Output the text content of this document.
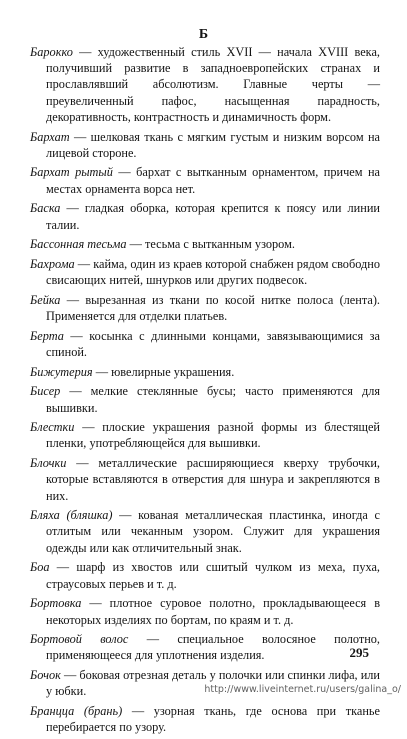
Б
Барокко — художественный стиль XVII — начала XVIII века, получивший развитие в западноевропейских странах и прославлявший абсолютизм. Главные черты — преувеличенный пафос, насыщенная парадность, декоративность, контрастность и динамичность форм.
Бархат — шелковая ткань с мягким густым и низким ворсом на лицевой стороне.
Бархат рытый — бархат с вытканным орнаментом, причем на местах орнамента ворса нет.
Баска — гладкая оборка, которая крепится к поясу или линии талии.
Бассонная тесьма — тесьма с вытканным узором.
Бахрома — кайма, один из краев которой снабжен рядом свободно свисающих нитей, шнурков или других подвесок.
Бейка — вырезанная из ткани по косой нитке полоса (лента). Применяется для отделки платьев.
Берта — косынка с длинными концами, завязывающимися за спиной.
Бижутерия — ювелирные украшения.
Бисер — мелкие стеклянные бусы; часто применяются для вышивки.
Блестки — плоские украшения разной формы из блестящей пленки, употребляющейся для вышивки.
Блочки — металлические расширяющиеся кверху трубочки, которые вставляются в отверстия для шнура и закрепляются в них.
Бляха (бляшка) — кованая металлическая пластинка, иногда с отлитым или чеканным узором. Служит для украшения одежды или как отличительный знак.
Боа — шарф из хвостов или сшитый чулком из меха, пуха, страусовых перьев и т. д.
Бортовка — плотное суровое полотно, прокладывающееся в некоторых изделиях по бортам, по краям и т. д.
Бортовой волос — специальное волосяное полотно, применяющееся для уплотнения изделия.
Бочок — боковая отрезная деталь у полочки или спинки лифа, или у юбки.
Бранцца (брань) — узорная ткань, где основа при тканье перебирается по узору.
295
http://www.liveinternet.ru/users/galina_o/
